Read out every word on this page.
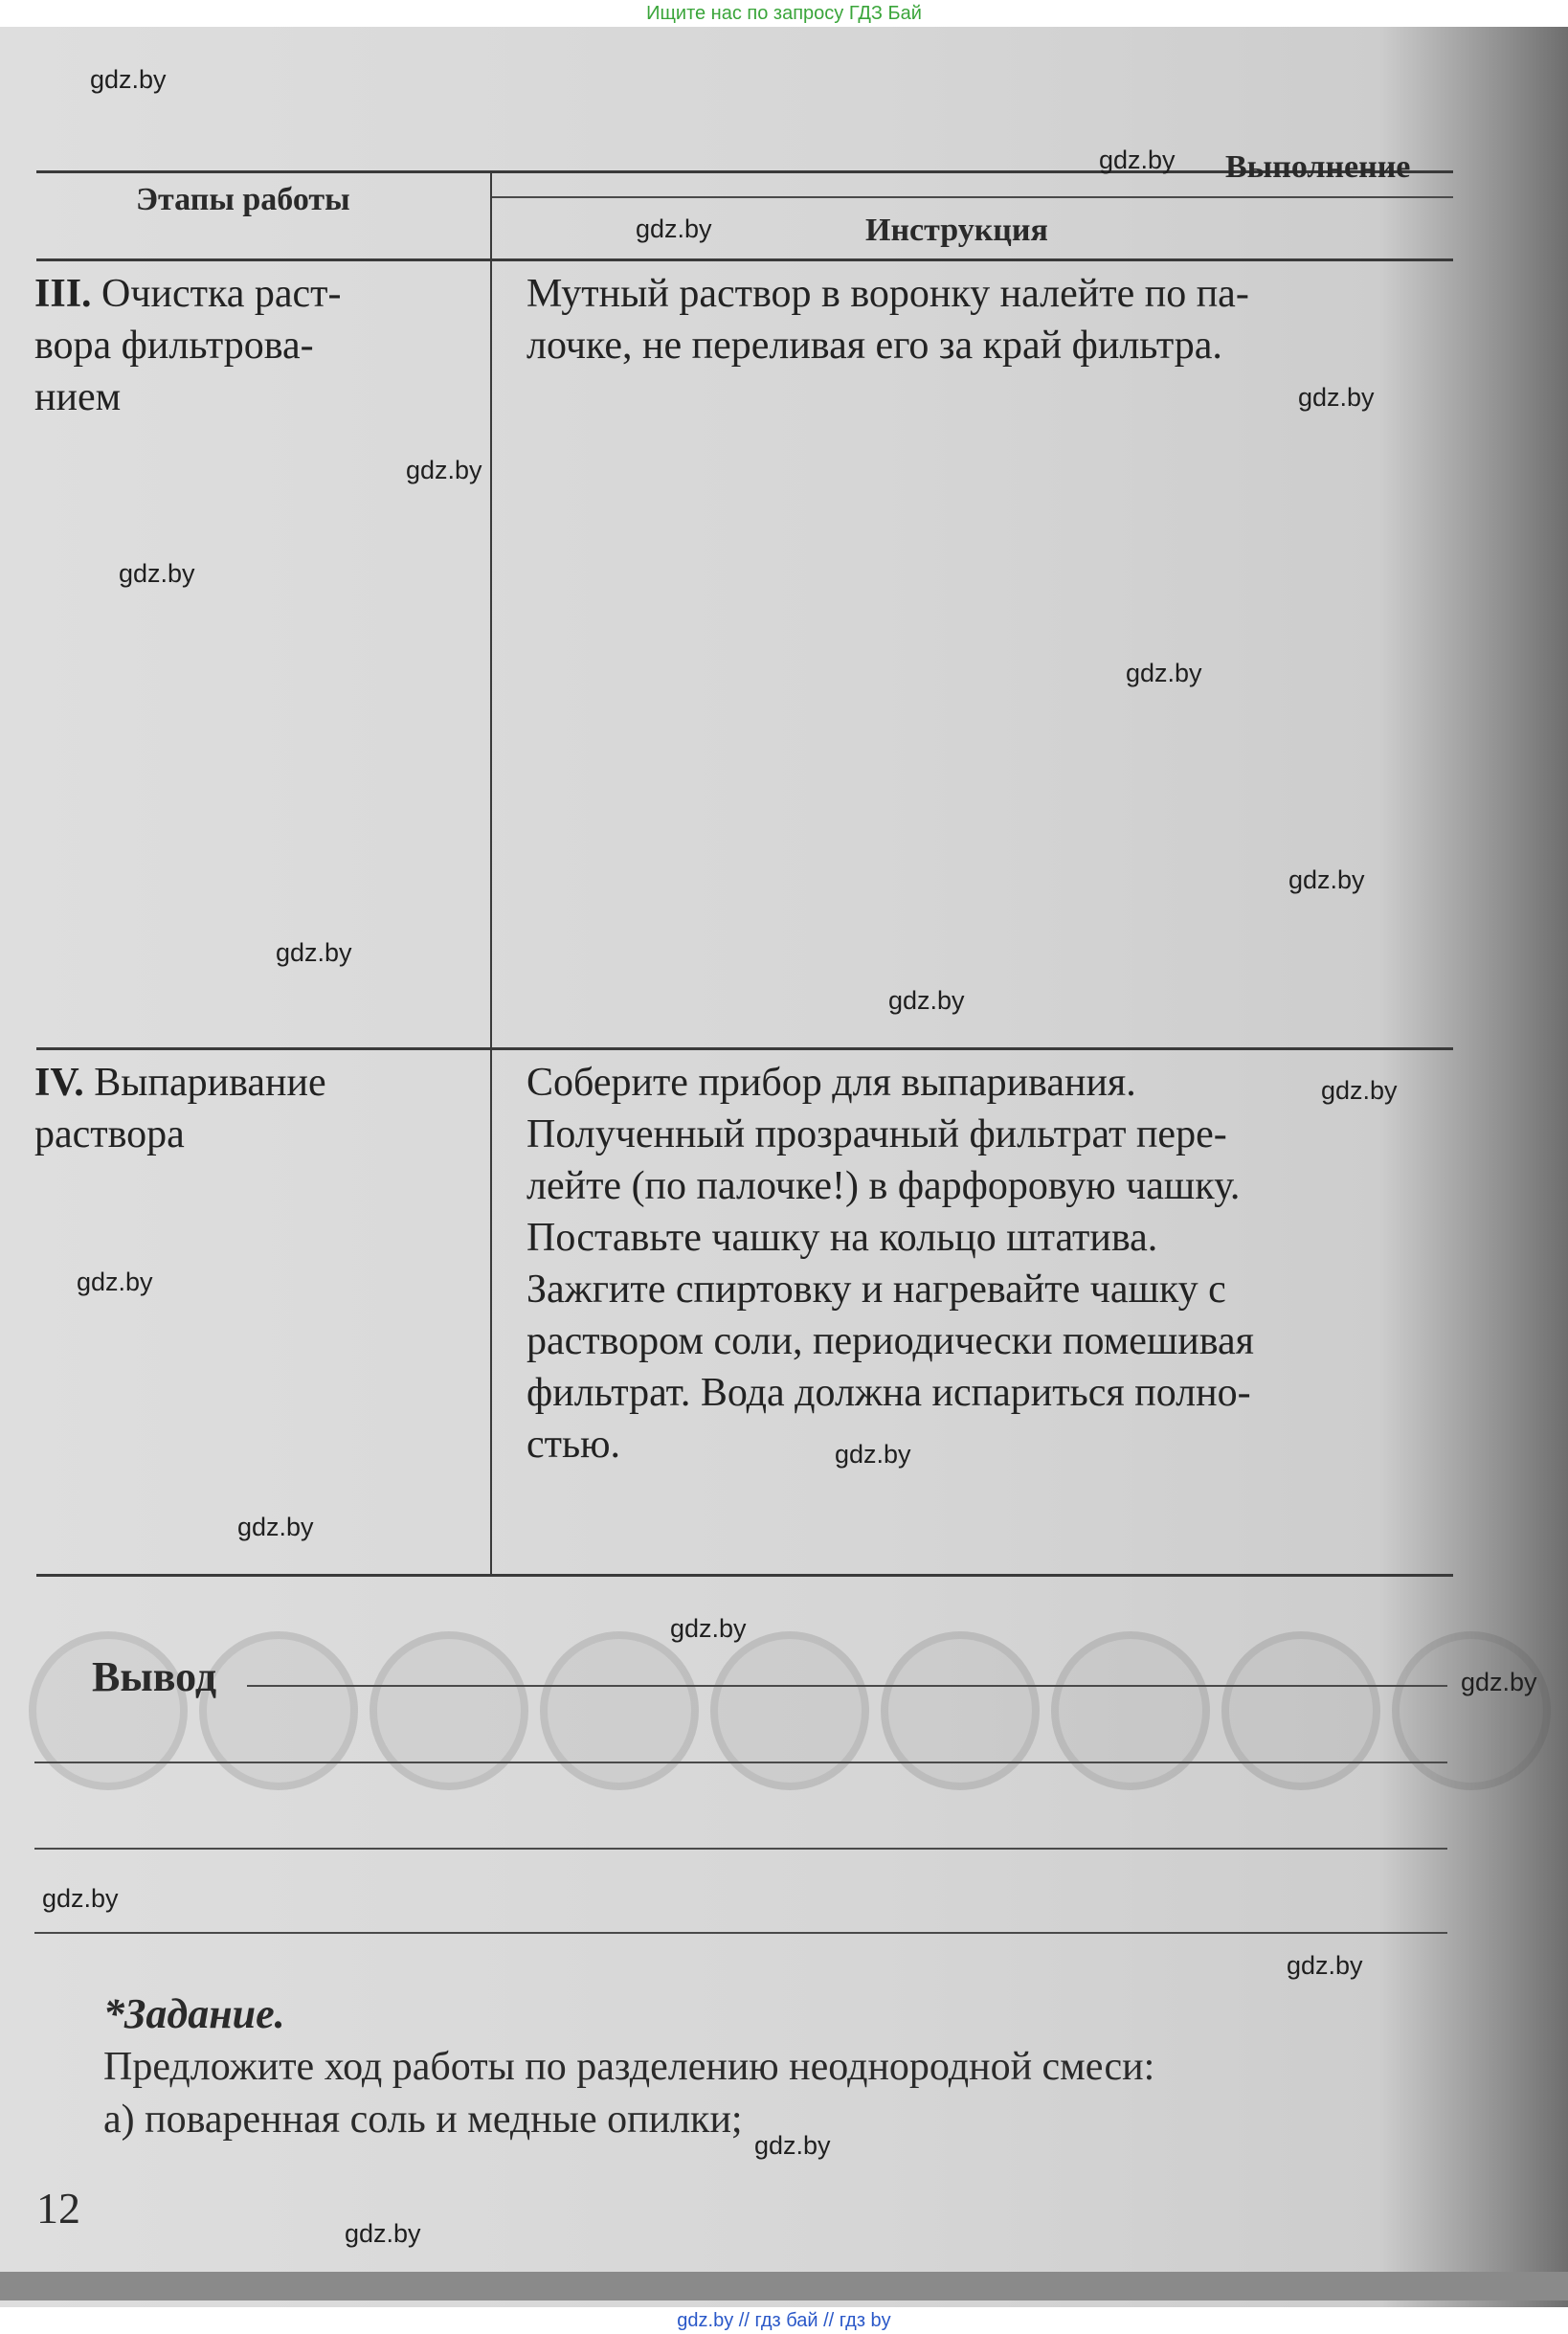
Ищите нас по запросу ГДЗ Бай
Этапы работы
Выполнение
Инструкция
III. Очистка раст-
вора фильтрова-
нием
Мутный раствор в воронку налейте по па-
лочке, не переливая его за край фильтра.
IV. Выпаривание
раствора
Соберите прибор для выпаривания.
Полученный прозрачный фильтрат пере-
лейте (по палочке!) в фарфоровую чашку.
Поставьте чашку на кольцо штатива.
Зажгите спиртовку и нагревайте чашку с
раствором соли, периодически помешивая
фильтрат. Вода должна испариться полно-
стью.
Вывод
*Задание.
Предложите ход работы по разделению неоднородной смеси:
а) поваренная соль и медные опилки;
12
gdz.by
gdz.by
gdz.by
gdz.by
gdz.by
gdz.by
gdz.by
gdz.by
gdz.by
gdz.by
gdz.by
gdz.by
gdz.by
gdz.by
gdz.by
gdz.by
gdz.by
gdz.by
gdz.by
gdz.by
gdz.by // гдз бай // гдз by
